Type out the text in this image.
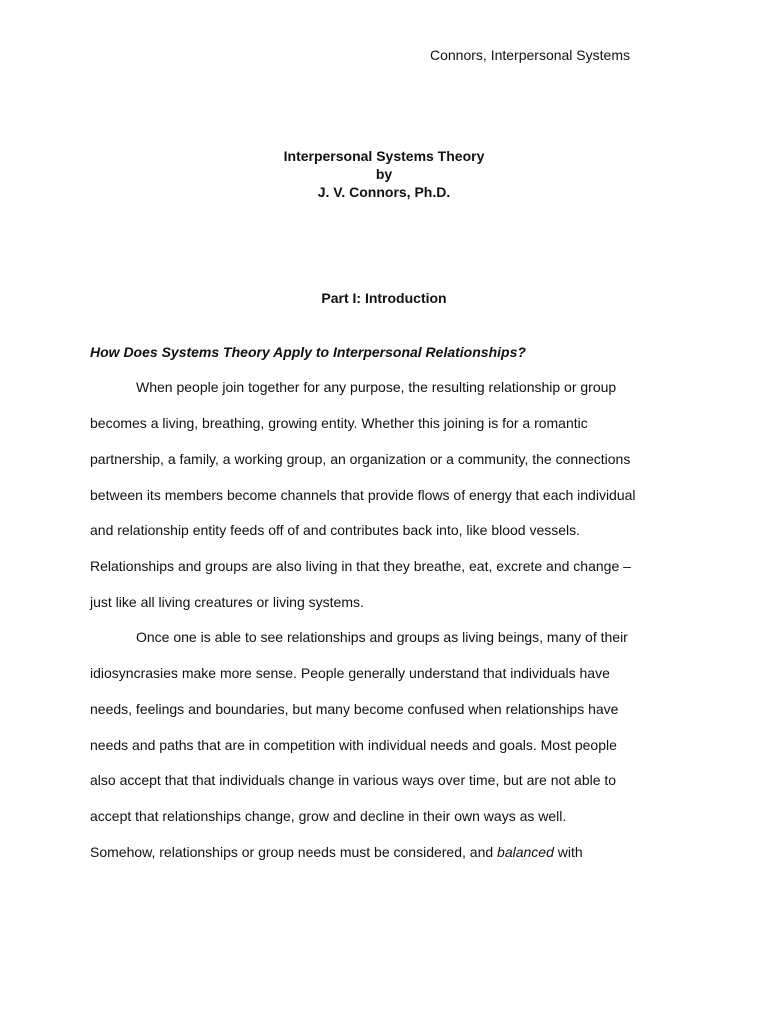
Connors, Interpersonal Systems
Interpersonal Systems Theory
by
J. V. Connors, Ph.D.
Part I: Introduction
How Does Systems Theory Apply to Interpersonal Relationships?
When people join together for any purpose, the resulting relationship or group
becomes a living, breathing, growing entity. Whether this joining is for a romantic
partnership, a family, a working group, an organization or a community, the connections
between its members become channels that provide flows of energy that each individual
and relationship entity feeds off of and contributes back into, like blood vessels.
Relationships and groups are also living in that they breathe, eat, excrete and change –
just like all living creatures or living systems.
Once one is able to see relationships and groups as living beings, many of their
idiosyncrasies make more sense. People generally understand that individuals have
needs, feelings and boundaries, but many become confused when relationships have
needs and paths that are in competition with individual needs and goals. Most people
also accept that that individuals change in various ways over time, but are not able to
accept that relationships change, grow and decline in their own ways as well.
Somehow, relationships or group needs must be considered, and balanced with
